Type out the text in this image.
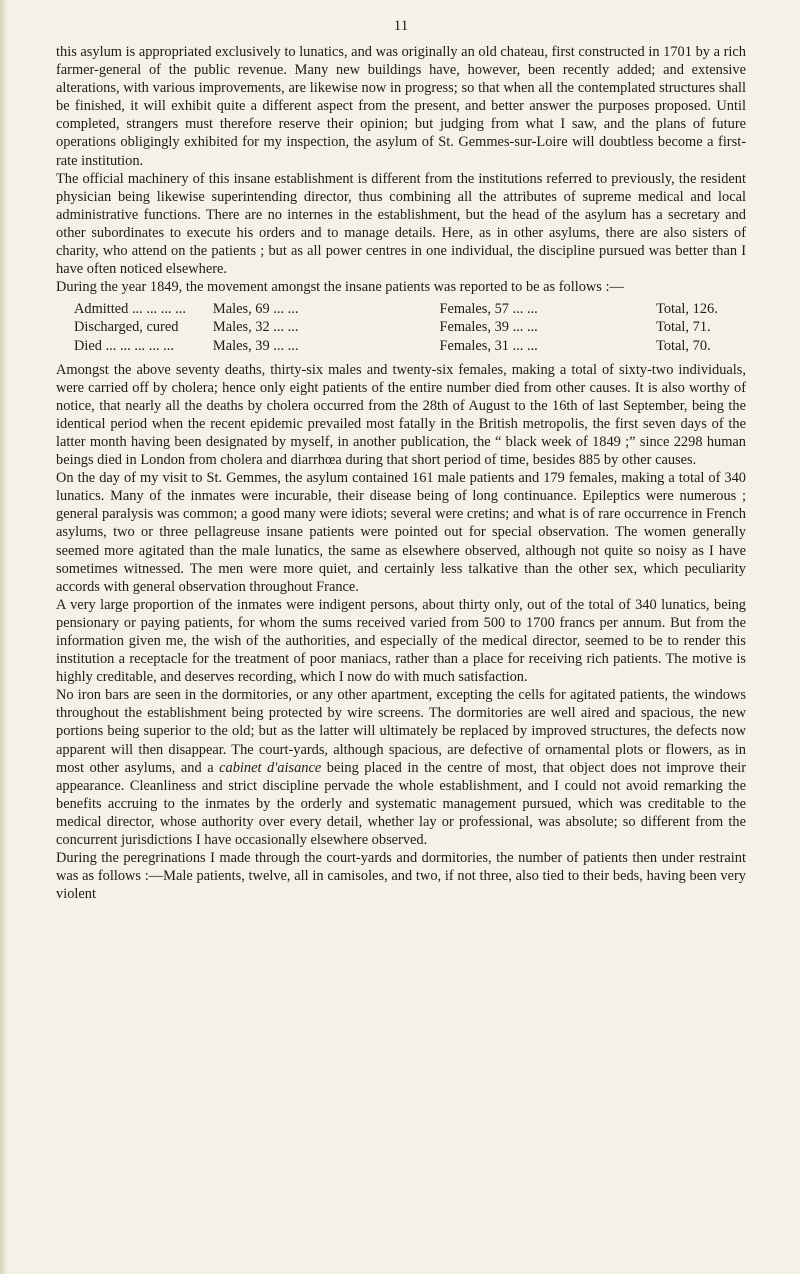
11

this asylum is appropriated exclusively to lunatics, and was originally an old chateau, first constructed in 1701 by a rich farmer-general of the public revenue. Many new buildings have, however, been recently added; and extensive alterations, with various improvements, are likewise now in progress; so that when all the contemplated structures shall be finished, it will exhibit quite a different aspect from the present, and better answer the purposes proposed. Until completed, strangers must therefore reserve their opinion; but judging from what I saw, and the plans of future operations obligingly exhibited for my inspection, the asylum of St. Gemmes-sur-Loire will doubtless become a first-rate institution.

The official machinery of this insane establishment is different from the institutions referred to previously, the resident physician being likewise superintending director, thus combining all the attributes of supreme medical and local administrative functions. There are no internes in the establishment, but the head of the asylum has a secretary and other subordinates to execute his orders and to manage details. Here, as in other asylums, there are also sisters of charity, who attend on the patients ; but as all power centres in one individual, the discipline pursued was better than I have often noticed elsewhere.

During the year 1849, the movement amongst the insane patients was reported to be as follows :—

Admitted ... ... ... ...	Males, 69 ... ...	Females, 57 ... ...	Total, 126.
Discharged, cured	Males, 32 ... ...	Females, 39 ... ...	Total, 71.
Died ... ... ... ... ...	Males, 39 ... ...	Females, 31 ... ...	Total, 70.

Amongst the above seventy deaths, thirty-six males and twenty-six females, making a total of sixty-two individuals, were carried off by cholera; hence only eight patients of the entire number died from other causes. It is also worthy of notice, that nearly all the deaths by cholera occurred from the 28th of August to the 16th of last September, being the identical period when the recent epidemic prevailed most fatally in the British metropolis, the first seven days of the latter month having been designated by myself, in another publication, the “ black week of 1849 ;” since 2298 human beings died in London from cholera and diarrhœa during that short period of time, besides 885 by other causes.

On the day of my visit to St. Gemmes, the asylum contained 161 male patients and 179 females, making a total of 340 lunatics. Many of the inmates were incurable, their disease being of long continuance. Epileptics were numerous ; general paralysis was common; a good many were idiots; several were cretins; and what is of rare occurrence in French asylums, two or three pellagreuse insane patients were pointed out for special observation. The women generally seemed more agitated than the male lunatics, the same as elsewhere observed, although not quite so noisy as I have sometimes witnessed. The men were more quiet, and certainly less talkative than the other sex, which peculiarity accords with general observation throughout France.

A very large proportion of the inmates were indigent persons, about thirty only, out of the total of 340 lunatics, being pensionary or paying patients, for whom the sums received varied from 500 to 1700 francs per annum. But from the information given me, the wish of the authorities, and especially of the medical director, seemed to be to render this institution a receptacle for the treatment of poor maniacs, rather than a place for receiving rich patients. The motive is highly creditable, and deserves recording, which I now do with much satisfaction.

No iron bars are seen in the dormitories, or any other apartment, excepting the cells for agitated patients, the windows throughout the establishment being protected by wire screens. The dormitories are well aired and spacious, the new portions being superior to the old; but as the latter will ultimately be replaced by improved structures, the defects now apparent will then disappear. The court-yards, although spacious, are defective of ornamental plots or flowers, as in most other asylums, and a cabinet d'aisance being placed in the centre of most, that object does not improve their appearance. Cleanliness and strict discipline pervade the whole establishment, and I could not avoid remarking the benefits accruing to the inmates by the orderly and systematic management pursued, which was creditable to the medical director, whose authority over every detail, whether lay or professional, was absolute; so different from the concurrent jurisdictions I have occasionally elsewhere observed.

During the peregrinations I made through the court-yards and dormitories, the number of patients then under restraint was as follows :—Male patients, twelve, all in camisoles, and two, if not three, also tied to their beds, having been very violent
